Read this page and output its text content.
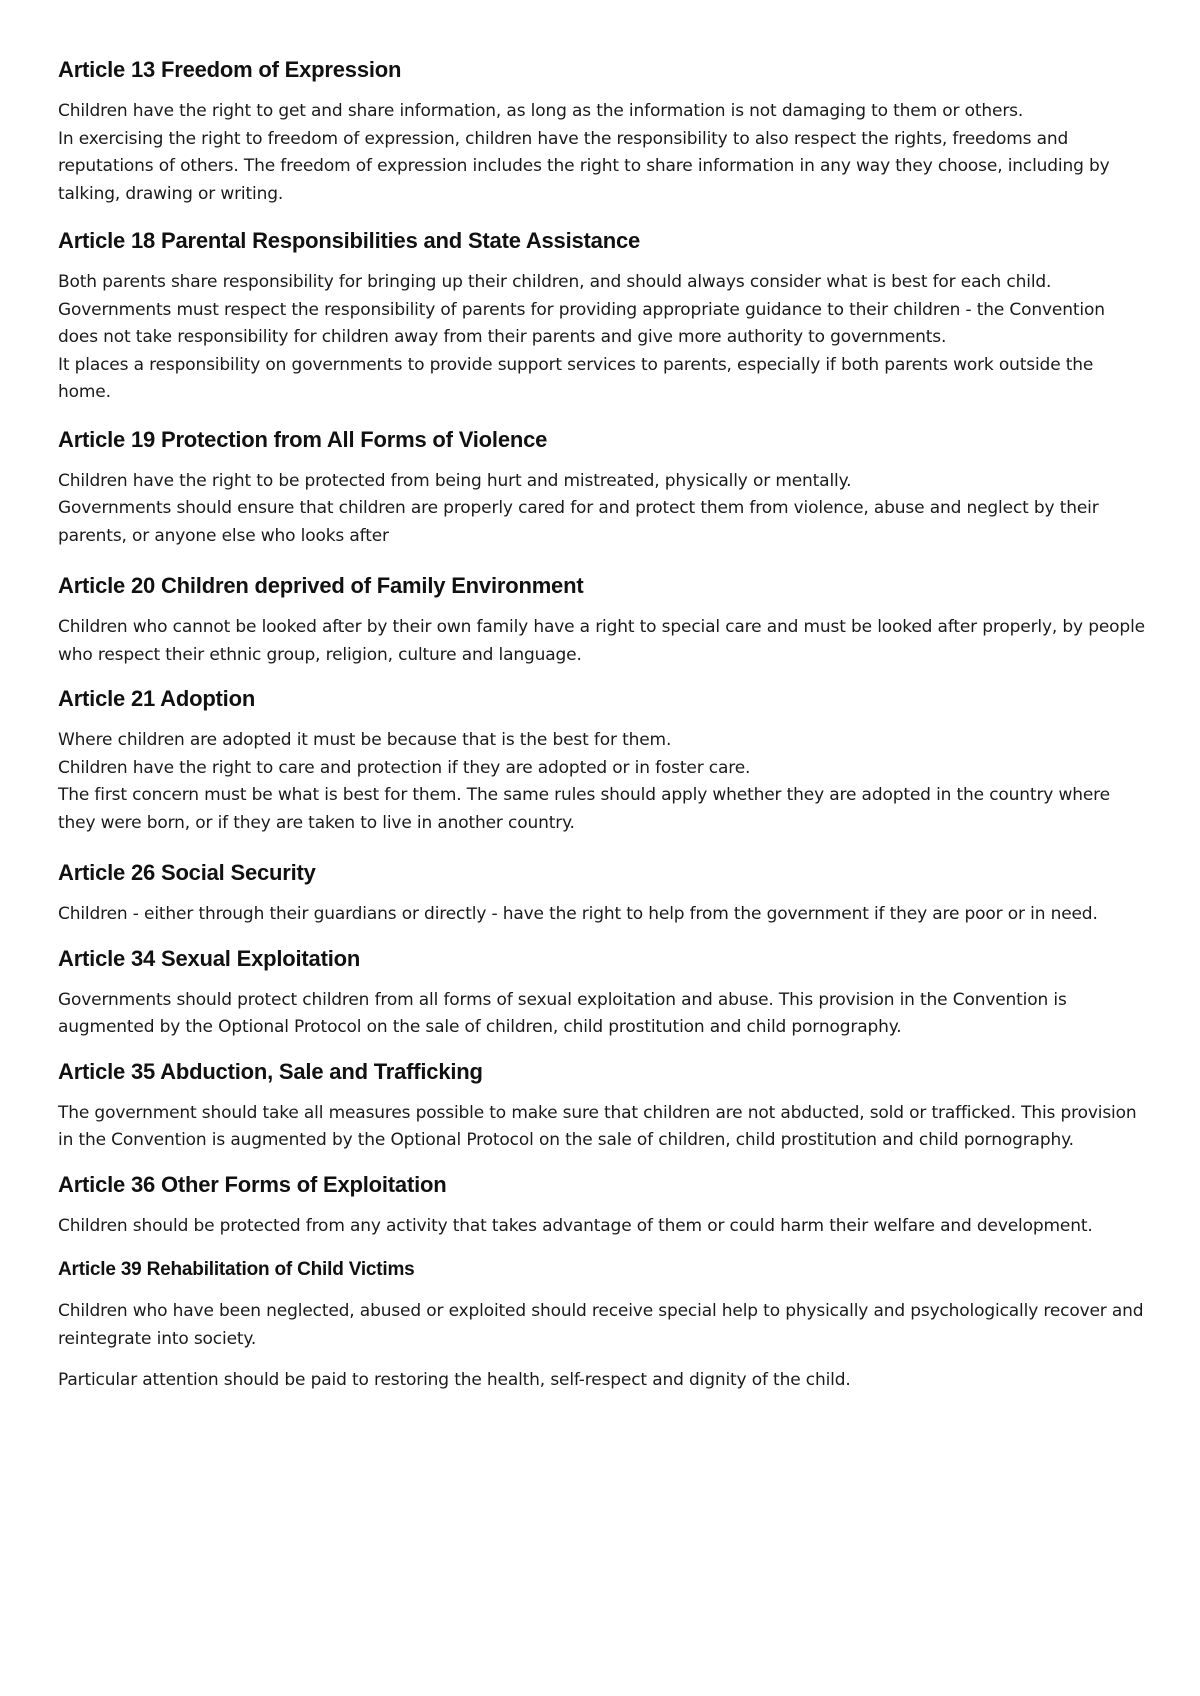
Article 13 Freedom of Expression

Children have the right to get and share information, as long as the information is not damaging to them or others.

In exercising the right to freedom of expression, children have the responsibility to also respect the rights, freedoms and reputations of others. The freedom of expression includes the right to share information in any way they choose, including by talking, drawing or writing.

Article 18 Parental Responsibilities and State Assistance

Both parents share responsibility for bringing up their children, and should always consider what is best for each child.

Governments must respect the responsibility of parents for providing appropriate guidance to their children - the Convention does not take responsibility for children away from their parents and give more authority to governments.

It places a responsibility on governments to provide support services to parents, especially if both parents work outside the home.

Article 19 Protection from All Forms of Violence

Children have the right to be protected from being hurt and mistreated, physically or mentally.

Governments should ensure that children are properly cared for and protect them from violence, abuse and neglect by their parents, or anyone else who looks after

Article 20 Children deprived of Family Environment

Children who cannot be looked after by their own family have a right to special care and must be looked after properly, by people who respect their ethnic group, religion, culture and language.

Article 21 Adoption

Where children are adopted it must be because that is the best for them.

Children have the right to care and protection if they are adopted or in foster care.

The first concern must be what is best for them. The same rules should apply whether they are adopted in the country where they were born, or if they are taken to live in another country.

Article 26 Social Security

Children - either through their guardians or directly - have the right to help from the government if they are poor or in need.

Article 34 Sexual Exploitation

Governments should protect children from all forms of sexual exploitation and abuse. This provision in the Convention is augmented by the Optional Protocol on the sale of children, child prostitution and child pornography.

Article 35 Abduction, Sale and Trafficking

The government should take all measures possible to make sure that children are not abducted, sold or trafficked. This provision in the Convention is augmented by the Optional Protocol on the sale of children, child prostitution and child pornography.

Article 36 Other Forms of Exploitation

Children should be protected from any activity that takes advantage of them or could harm their welfare and development.

Article 39 Rehabilitation of Child Victims

Children who have been neglected, abused or exploited should receive special help to physically and psychologically recover and reintegrate into society.

Particular attention should be paid to restoring the health, self-respect and dignity of the child.
